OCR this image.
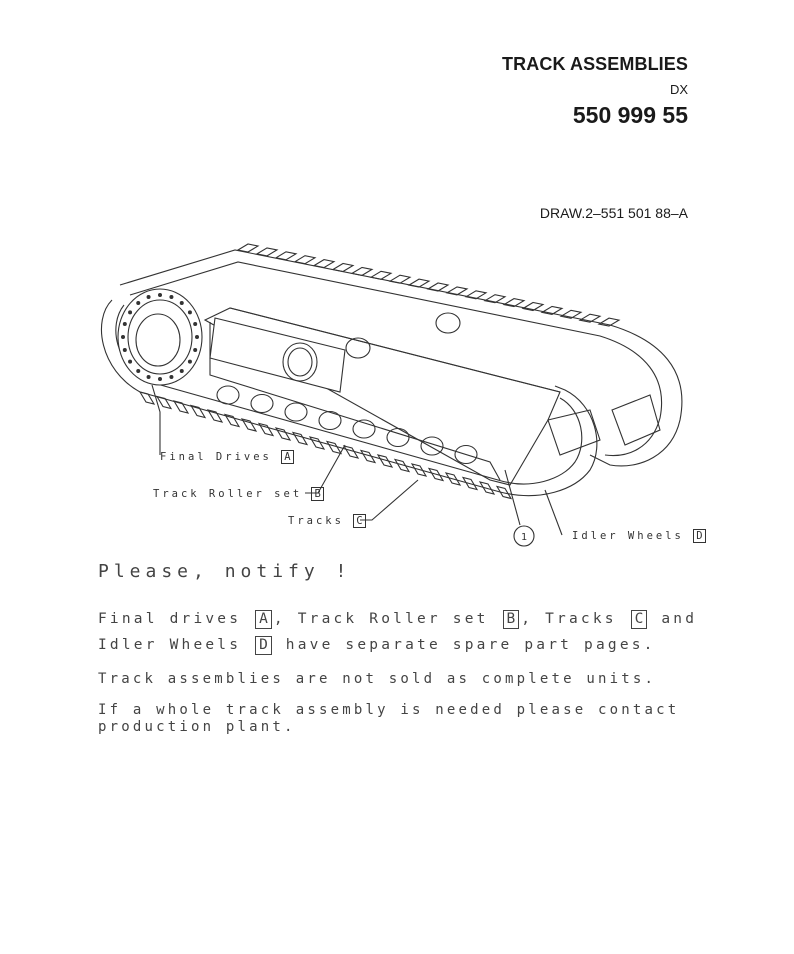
TRACK ASSEMBLIES
DX
550 999 55
DRAW.2–551 501 88–A
1
Final Drives A
Track Roller set B
Tracks C
Idler Wheels D
Please, notify !
Final drives A , Track Roller set B , Tracks C and
Idler Wheels D have separate spare part pages.
Track assemblies are not sold as complete units.
If a whole track assembly is needed please contact
production plant.
